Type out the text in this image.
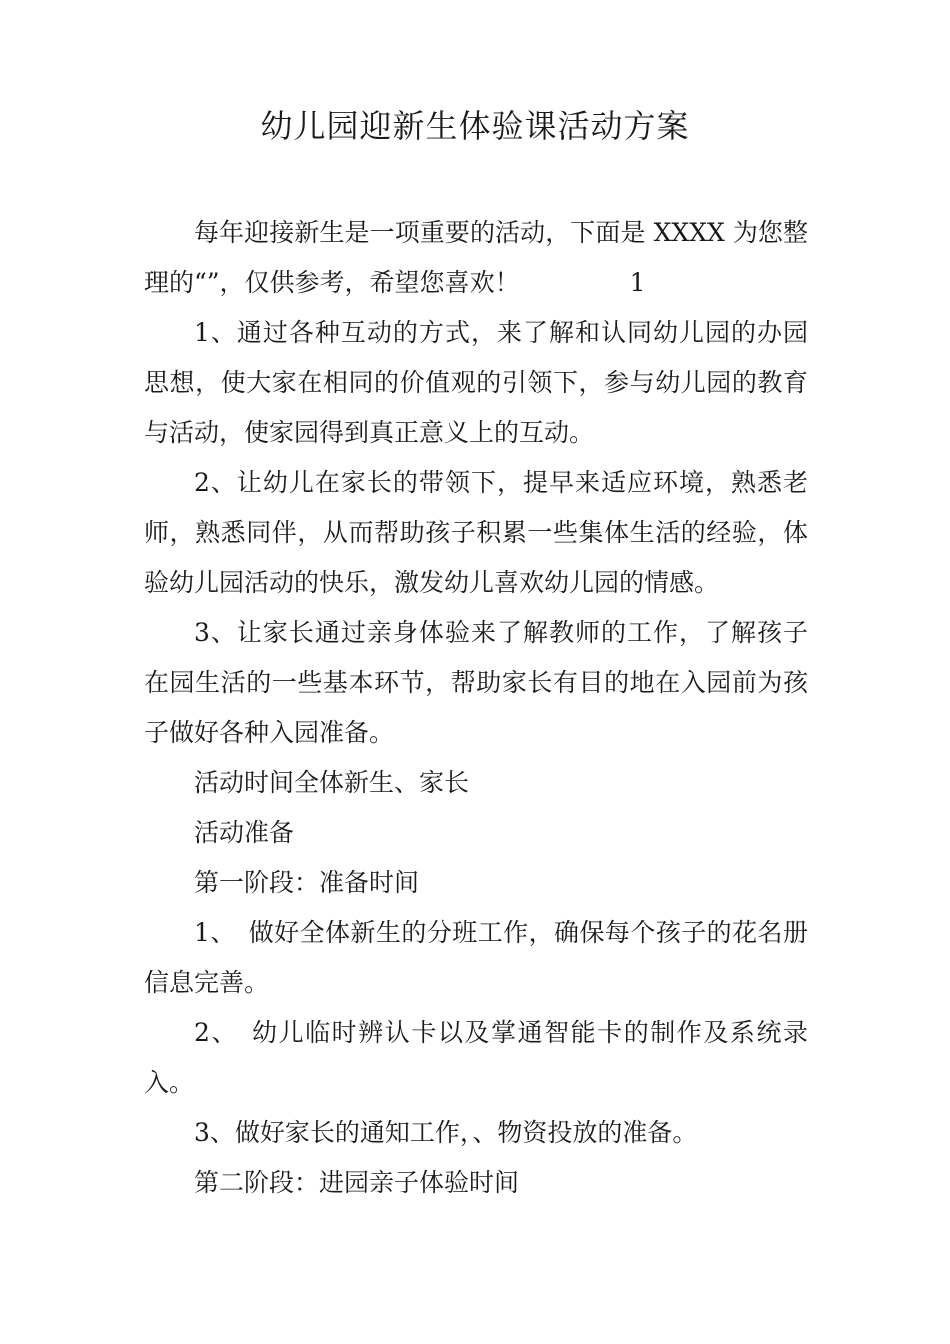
幼儿园迎新生体验课活动方案

每年迎接新生是一项重要的活动，下面是 XXXX 为您整理的“”，仅供参考，希望您喜欢！	1

1、通过各种互动的方式，来了解和认同幼儿园的办园思想，使大家在相同的价值观的引领下，参与幼儿园的教育与活动，使家园得到真正意义上的互动。

2、让幼儿在家长的带领下，提早来适应环境，熟悉老师，熟悉同伴，从而帮助孩子积累一些集体生活的经验，体验幼儿园活动的快乐，激发幼儿喜欢幼儿园的情感。

3、让家长通过亲身体验来了解教师的工作，了解孩子在园生活的一些基本环节，帮助家长有目的地在入园前为孩子做好各种入园准备。

活动时间全体新生、家长

活动准备

第一阶段：准备时间

1、　做好全体新生的分班工作，确保每个孩子的花名册信息完善。

2、　幼儿临时辨认卡以及掌通智能卡的制作及系统录入。

3、做好家长的通知工作，、物资投放的准备。

第二阶段：进园亲子体验时间
